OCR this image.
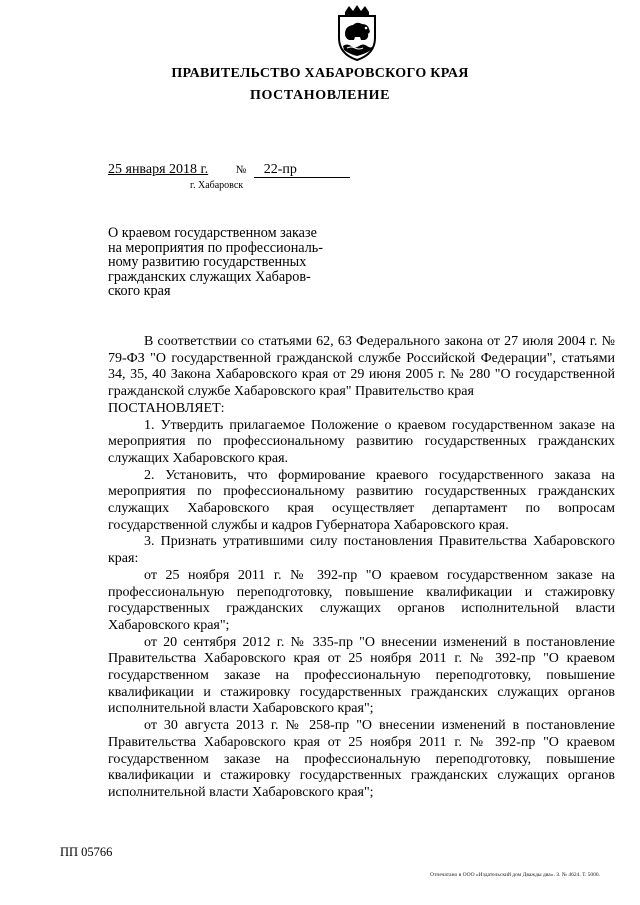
ПРАВИТЕЛЬСТВО ХАБАРОВСКОГО КРАЯ
ПОСТАНОВЛЕНИЕ
25 января 2018 г.	№ 22-пр
г. Хабаровск
О краевом государственном заказе
на мероприятия по профессиональ-
ному развитию государственных
гражданских служащих Хабаров-
ского края

В соответствии со статьями 62, 63 Федерального закона от 27 июля 2004 г. № 79-ФЗ "О государственной гражданской службе Российской Федерации", статьями 34, 35, 40 Закона Хабаровского края от 29 июня 2005 г. № 280 "О государственной гражданской службе Хабаровского края" Правительство края

ПОСТАНОВЛЯЕТ:

1. Утвердить прилагаемое Положение о краевом государственном заказе на мероприятия по профессиональному развитию государственных гражданских служащих Хабаровского края.

2. Установить, что формирование краевого государственного заказа на мероприятия по профессиональному развитию государственных гражданских служащих Хабаровского края осуществляет департамент по вопросам государственной службы и кадров Губернатора Хабаровского края.

3. Признать утратившими силу постановления Правительства Хабаровского края:

от 25 ноября 2011 г. № 392-пр "О краевом государственном заказе на профессиональную переподготовку, повышение квалификации и стажировку государственных гражданских служащих органов исполнительной власти Хабаровского края";

от 20 сентября 2012 г. № 335-пр "О внесении изменений в постановление Правительства Хабаровского края от 25 ноября 2011 г. № 392-пр "О краевом государственном заказе на профессиональную переподготовку, повышение квалификации и стажировку государственных гражданских служащих органов исполнительной власти Хабаровского края";

от 30 августа 2013 г. № 258-пр "О внесении изменений в постановление Правительства Хабаровского края от 25 ноября 2011 г. № 392-пр "О краевом государственном заказе на профессиональную переподготовку, повышение квалификации и стажировку государственных гражданских служащих органов исполнительной власти Хабаровского края";

ПП 05766
Отпечатано в ООО «Издательский дом Дважды два». З. № 4624. Т. 5000.
